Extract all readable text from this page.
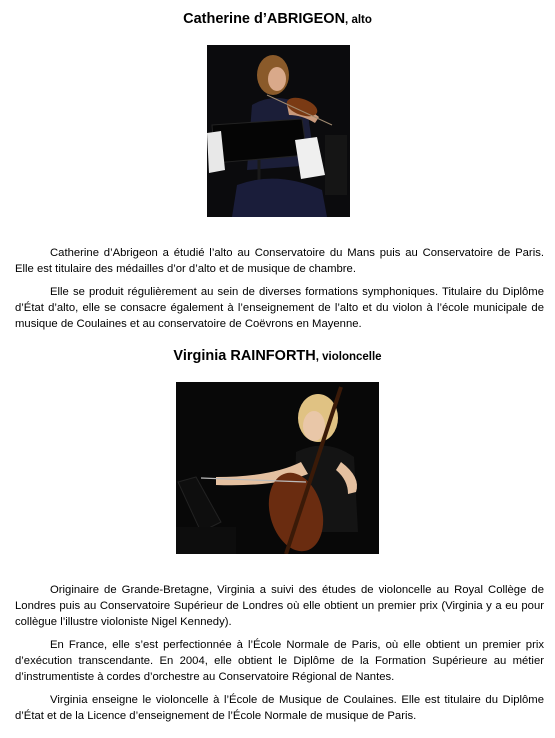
Catherine d’ABRIGEON, alto

Catherine d’Abrigeon a étudié l’alto au Conservatoire du Mans puis au Conservatoire de Paris. Elle est titulaire des médailles d’or d’alto et de musique de chambre.

Elle se produit régulièrement au sein de diverses formations symphoniques. Titulaire du Diplôme d’État d’alto, elle se consacre également à l’enseignement de l’alto et du violon à l’école municipale de musique de Coulaines et au conservatoire de Coëvrons en Mayenne.

Virginia RAINFORTH, violoncelle

Originaire de Grande-Bretagne, Virginia a suivi des études de violoncelle au Royal Collège de Londres puis au Conservatoire Supérieur de Londres où elle obtient un premier prix (Virginia y a eu pour collègue l’illustre violoniste Nigel Kennedy).

En France, elle s’est perfectionnée à l’École Normale de Paris, où elle obtient un premier prix d’exécution transcendante. En 2004, elle obtient le Diplôme de la Formation Supérieure au métier d’instrumentiste à cordes d’orchestre au Conservatoire Régional de Nantes.

Virginia enseigne le violoncelle à l’École de Musique de Coulaines. Elle est titulaire du Diplôme d’État et de la Licence d’enseignement de l’École Normale de musique de Paris.
